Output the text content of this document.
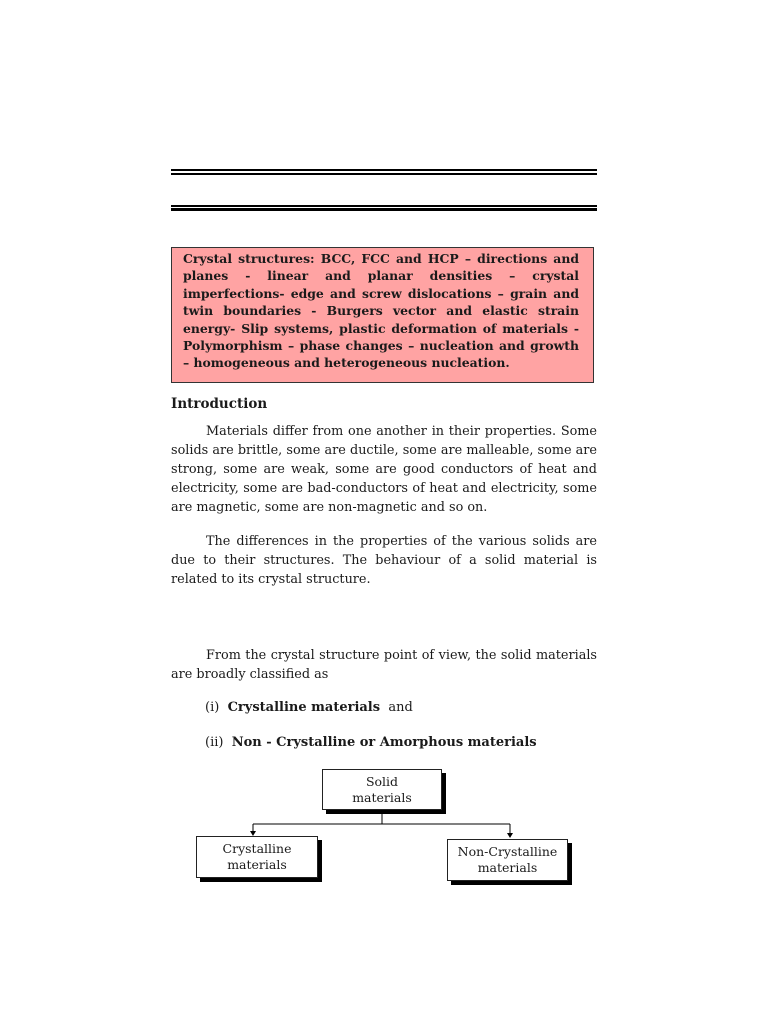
Crystal structures: BCC, FCC and HCP – directions and planes - linear and planar densities – crystal imperfections- edge and screw dislocations – grain and twin boundaries - Burgers vector and elastic strain energy- Slip systems, plastic deformation of materials - Polymorphism – phase changes – nucleation and growth – homogeneous and heterogeneous nucleation.
Introduction

Materials differ from one another in their properties. Some solids are brittle, some are ductile, some are malleable, some are strong, some are weak, some are good conductors of heat and electricity, some are bad-conductors of heat and electricity, some are magnetic, some are non-magnetic and so on.

The differences in the properties of the various solids are due to their structures. The behaviour of a solid material is related to its crystal structure.

From the crystal structure point of view, the solid materials are broadly classified as

(i) Crystalline materials and
(ii) Non - Crystalline or Amorphous materials
Solid
materials
Crystalline
materials
Non-Crystalline
materials
